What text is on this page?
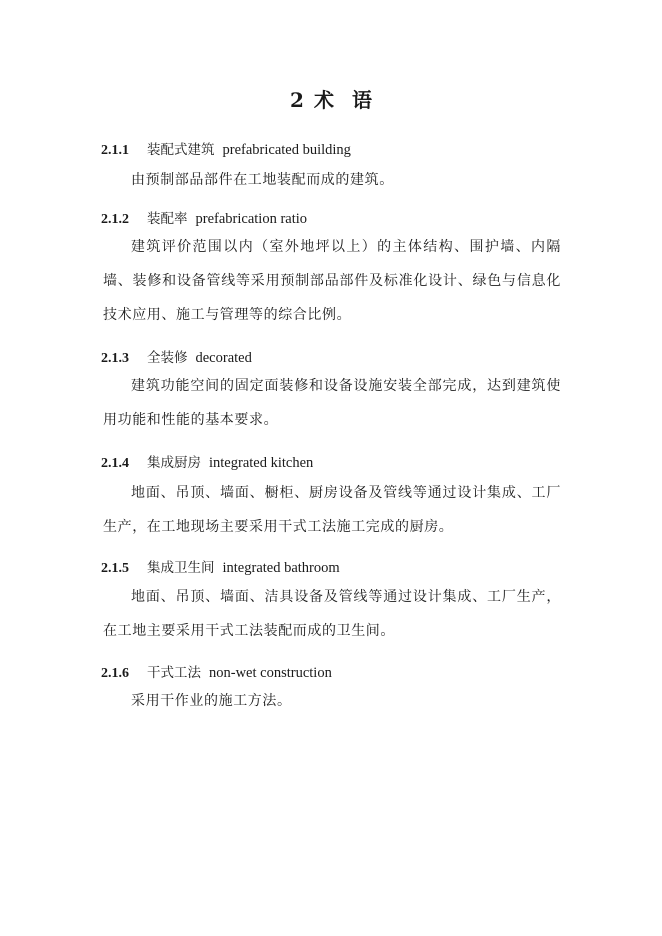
2 术 语
2.1.1 装配式建筑 prefabricated building
由预制部品部件在工地装配而成的建筑。
2.1.2 装配率 prefabrication ratio
建筑评价范围以内（室外地坪以上）的主体结构、围护墙、内隔墙、装修和设备管线等采用预制部品部件及标准化设计、绿色与信息化技术应用、施工与管理等的综合比例。
2.1.3 全装修 decorated
建筑功能空间的固定面装修和设备设施安装全部完成，达到建筑使用功能和性能的基本要求。
2.1.4 集成厨房 integrated kitchen
地面、吊顶、墙面、橱柜、厨房设备及管线等通过设计集成、工厂生产，在工地现场主要采用干式工法施工完成的厨房。
2.1.5 集成卫生间 integrated bathroom
地面、吊顶、墙面、洁具设备及管线等通过设计集成、工厂生产，在工地主要采用干式工法装配而成的卫生间。
2.1.6 干式工法 non-wet construction
采用干作业的施工方法。
